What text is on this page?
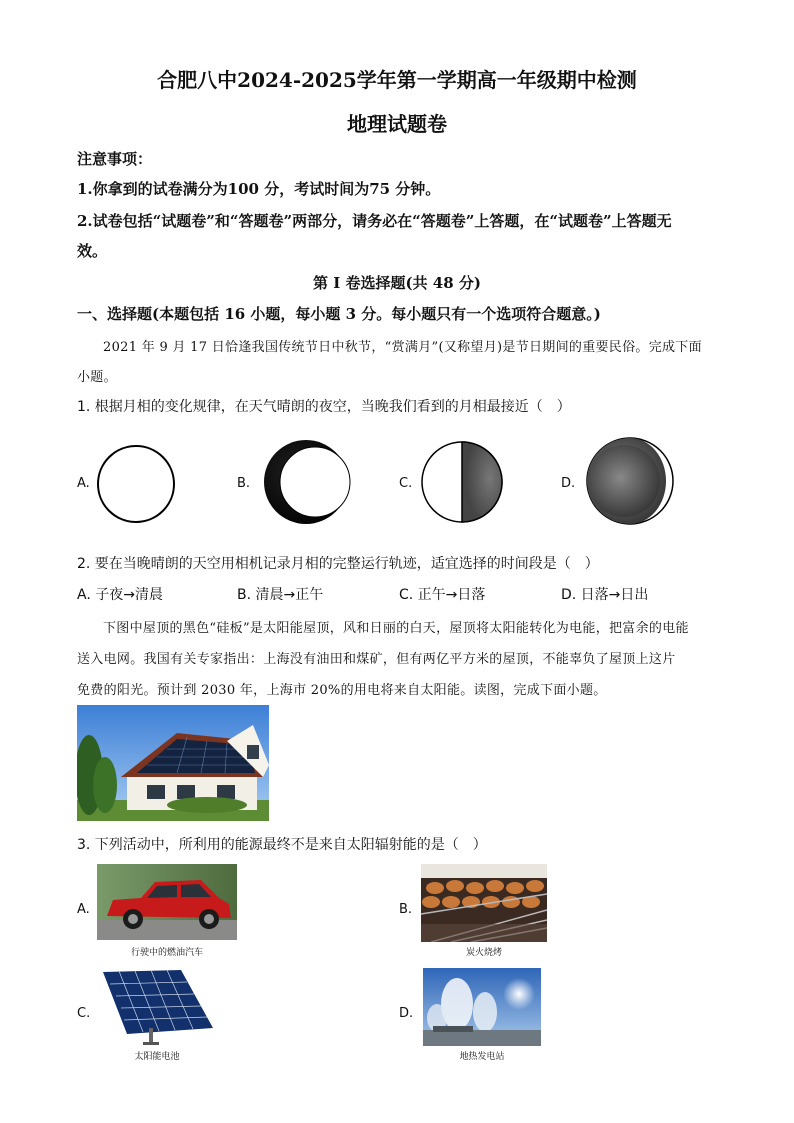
合肥八中2024-2025学年第一学期高一年级期中检测
地理试题卷
注意事项：
1.你拿到的试卷满分为100 分，考试时间为75 分钟。
2.试卷包括“试题卷”和“答题卷”两部分，请务必在“答题卷”上答题，在“试题卷”上答题无
效。
第 I 卷选择题(共 48 分)
一、选择题(本题包括 16 小题，每小题 3 分。每小题只有一个选项符合题意。)
2021 年 9 月 17 日恰逢我国传统节日中秋节，“赏满月”(又称望月)是节日期间的重要民俗。完成下面
小题。
1. 根据月相的变化规律，在天气晴朗的夜空，当晚我们看到的月相最接近（　）
A.	B.	C.	D.
2. 要在当晚晴朗的天空用相机记录月相的完整运行轨迹，适宜选择的时间段是（　）
A. 子夜→清晨	B. 清晨→正午	C. 正午→日落	D. 日落→日出
下图中屋顶的黑色“硅板”是太阳能屋顶，风和日丽的白天，屋顶将太阳能转化为电能，把富余的电能
送入电网。我国有关专家指出：上海没有油田和煤矿，但有两亿平方米的屋顶，不能辜负了屋顶上这片
免费的阳光。预计到 2030 年，上海市 20%的用电将来自太阳能。读图，完成下面小题。
3. 下列活动中，所利用的能源最终不是来自太阳辐射能的是（　）
A.
行驶中的燃油汽车
B.
炭火烧烤
C.
太阳能电池
D.
地热发电站
